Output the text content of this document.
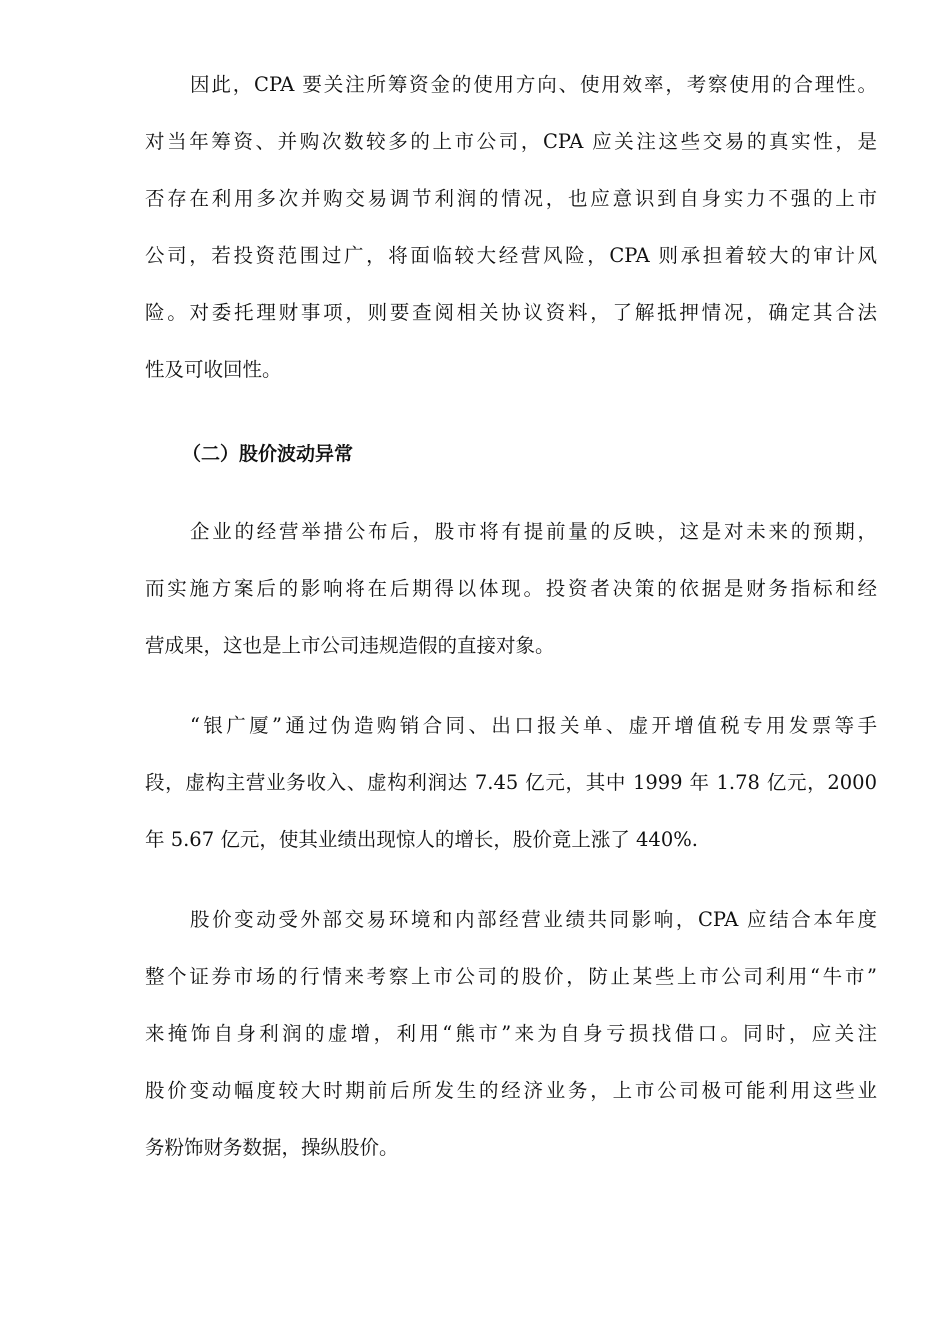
因此，CPA 要关注所筹资金的使用方向、使用效率，考察使用的合理性。
对当年筹资、并购次数较多的上市公司，CPA 应关注这些交易的真实性，是
否存在利用多次并购交易调节利润的情况，也应意识到自身实力不强的上市
公司，若投资范围过广，将面临较大经营风险，CPA 则承担着较大的审计风
险。对委托理财事项，则要查阅相关协议资料，了解抵押情况，确定其合法
性及可收回性。
（二）股价波动异常
企业的经营举措公布后，股市将有提前量的反映，这是对未来的预期，
而实施方案后的影响将在后期得以体现。投资者决策的依据是财务指标和经
营成果，这也是上市公司违规造假的直接对象。
“银广厦”通过伪造购销合同、出口报关单、虚开增值税专用发票等手
段，虚构主营业务收入、虚构利润达 7.45 亿元，其中 1999 年 1.78 亿元，2000
年 5.67 亿元，使其业绩出现惊人的增长，股价竟上涨了 440%.
股价变动受外部交易环境和内部经营业绩共同影响，CPA 应结合本年度
整个证券市场的行情来考察上市公司的股价，防止某些上市公司利用“牛市”
来掩饰自身利润的虚增，利用“熊市”来为自身亏损找借口。同时，应关注
股价变动幅度较大时期前后所发生的经济业务，上市公司极可能利用这些业
务粉饰财务数据，操纵股价。
